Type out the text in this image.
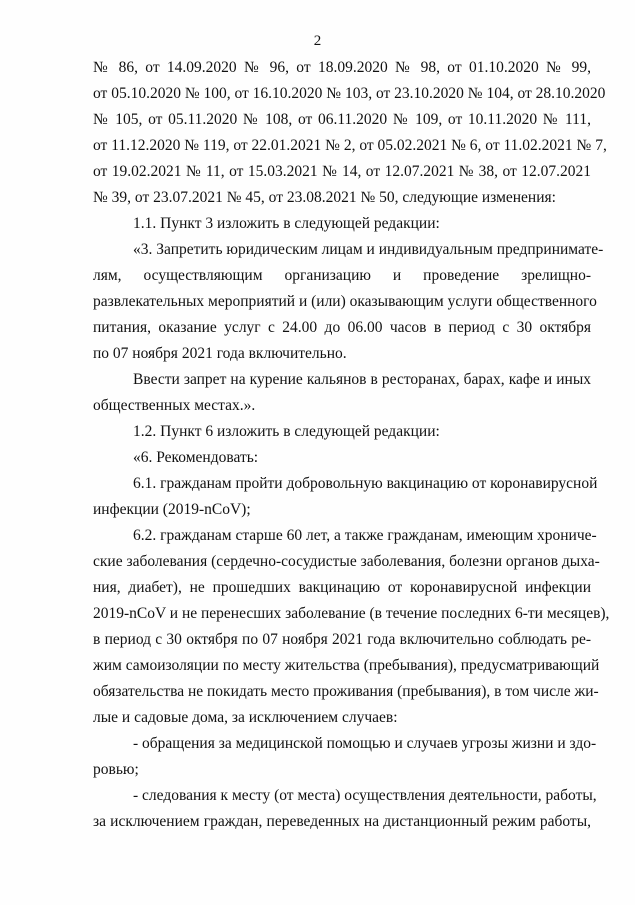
2
№ 86, от 14.09.2020 № 96, от 18.09.2020 № 98, от 01.10.2020 № 99,
от 05.10.2020 № 100, от 16.10.2020 № 103, от 23.10.2020 № 104, от 28.10.2020
№ 105, от 05.11.2020 № 108, от 06.11.2020 № 109, от 10.11.2020 № 111,
от 11.12.2020 № 119, от 22.01.2021 № 2, от 05.02.2021 № 6, от 11.02.2021 № 7,
от 19.02.2021 № 11, от 15.03.2021 № 14, от 12.07.2021 № 38, от 12.07.2021
№ 39, от 23.07.2021 № 45, от 23.08.2021 № 50, следующие изменения:
1.1. Пункт 3 изложить в следующей редакции:
«3. Запретить юридическим лицам и индивидуальным предпринимате-
лям, осуществляющим организацию и проведение зрелищно-
развлекательных мероприятий и (или) оказывающим услуги общественного
питания, оказание услуг с 24.00 до 06.00 часов в период с 30 октября
по 07 ноября 2021 года включительно.
Ввести запрет на курение кальянов в ресторанах, барах, кафе и иных
общественных местах.».
1.2. Пункт 6 изложить в следующей редакции:
«6. Рекомендовать:
6.1. гражданам пройти добровольную вакцинацию от коронавирусной
инфекции (2019-nCoV);
6.2. гражданам старше 60 лет, а также гражданам, имеющим хрониче-
ские заболевания (сердечно-сосудистые заболевания, болезни органов дыха-
ния, диабет), не прошедших вакцинацию от коронавирусной инфекции
2019-nCoV и не перенесших заболевание (в течение последних 6-ти месяцев),
в период с 30 октября по 07 ноября 2021 года включительно соблюдать ре-
жим самоизоляции по месту жительства (пребывания), предусматривающий
обязательства не покидать место проживания (пребывания), в том числе жи-
лые и садовые дома, за исключением случаев:
- обращения за медицинской помощью и случаев угрозы жизни и здо-
ровью;
- следования к месту (от места) осуществления деятельности, работы,
за исключением граждан, переведенных на дистанционный режим работы,
